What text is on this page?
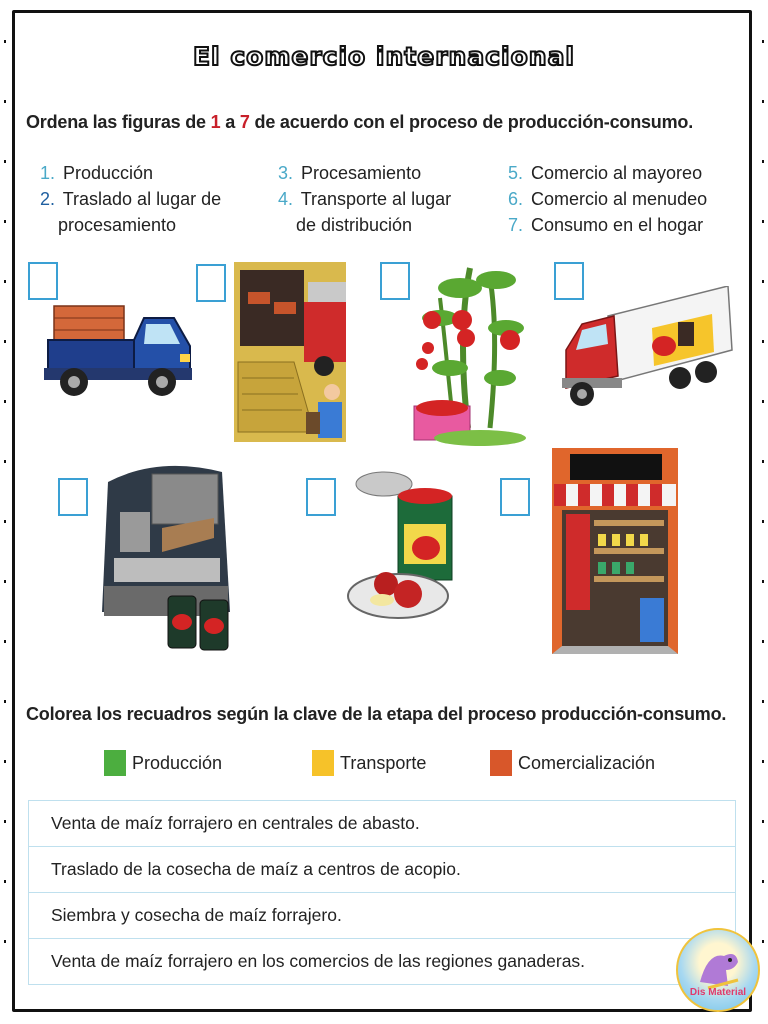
El comercio internacional
Ordena las figuras de 1 a 7 de acuerdo con el proceso de producción-consumo.
1. Producción
2. Traslado al lugar de
procesamiento
3. Procesamiento
4. Transporte al lugar
de distribución
5. Comercio al mayoreo
6. Comercio al menudeo
7. Consumo en el hogar
Colorea los recuadros según la clave de la etapa del proceso producción-consumo.
Producción	Transporte	Comercialización
Venta de maíz forrajero en centrales de abasto.
Traslado de la cosecha de maíz a centros de acopio.
Siembra y cosecha de maíz forrajero.
Venta de maíz forrajero en los comercios de las regiones ganaderas.
Dis Material
